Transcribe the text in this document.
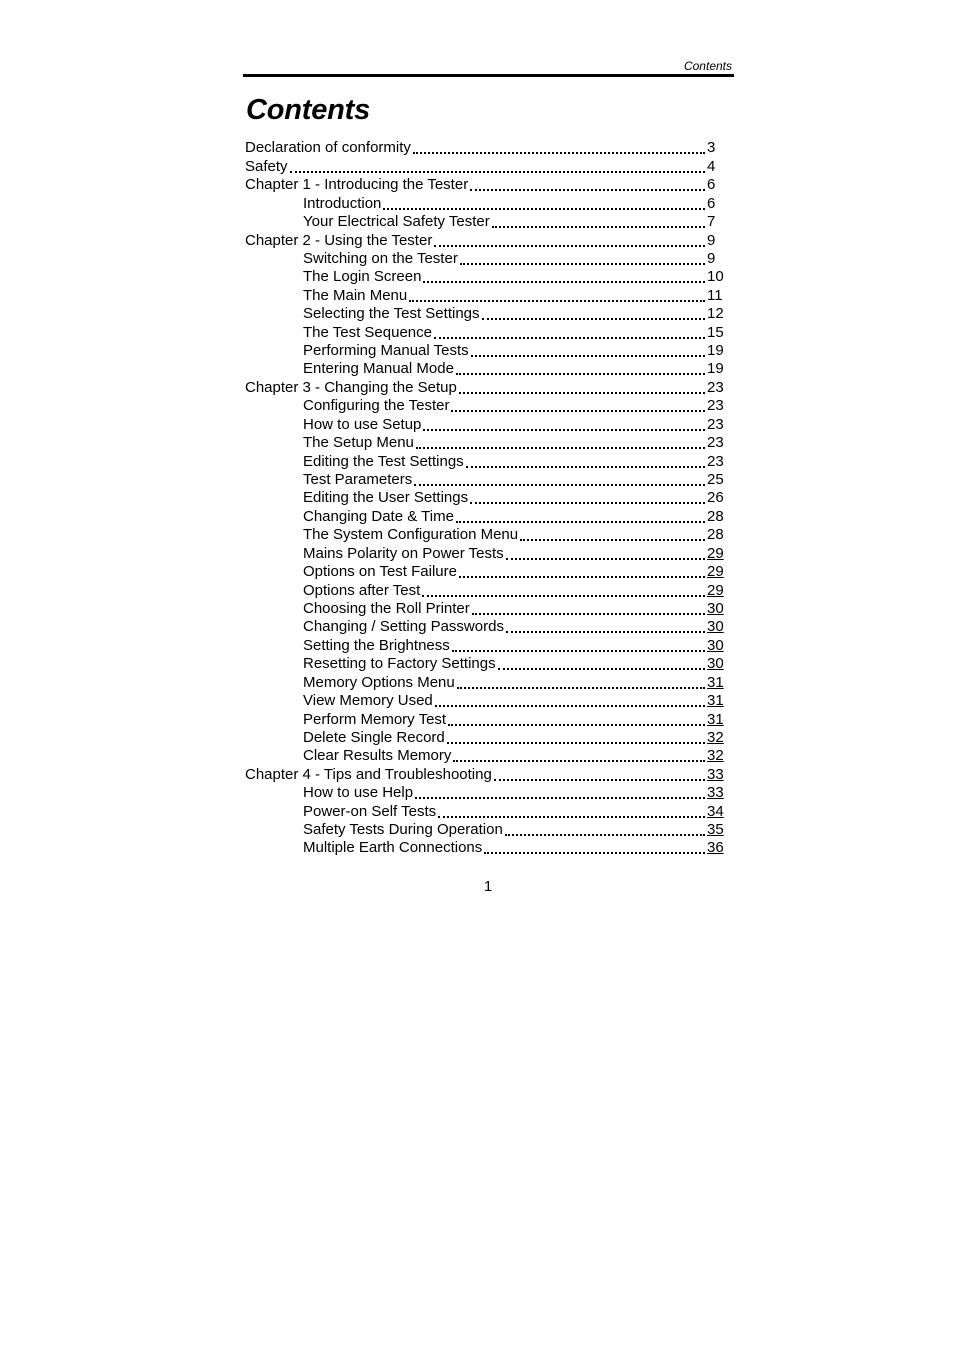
Contents
Contents
Declaration of conformity	3
Safety	4
Chapter 1 - Introducing the Tester	6
Introduction	6
Your Electrical Safety Tester	7
Chapter 2 - Using the Tester	9
Switching on the Tester	9
The Login Screen	10
The Main Menu	11
Selecting the Test Settings	12
The Test Sequence	15
Performing Manual Tests	19
Entering Manual Mode	19
Chapter 3 - Changing the Setup	23
Configuring the Tester	23
How to use Setup	23
The Setup Menu	23
Editing the Test Settings	23
Test Parameters	25
Editing the User Settings	26
Changing Date & Time	28
The System Configuration Menu	28
Mains Polarity on Power Tests	29
Options on Test Failure	29
Options after Test	29
Choosing the Roll Printer	30
Changing / Setting Passwords	30
Setting the Brightness	30
Resetting to Factory Settings	30
Memory Options Menu	31
View Memory Used	31
Perform Memory Test	31
Delete Single Record	32
Clear Results Memory	32
Chapter 4 - Tips and Troubleshooting	33
How to use Help	33
Power-on Self Tests	34
Safety Tests During Operation	35
Multiple Earth Connections	36
1
